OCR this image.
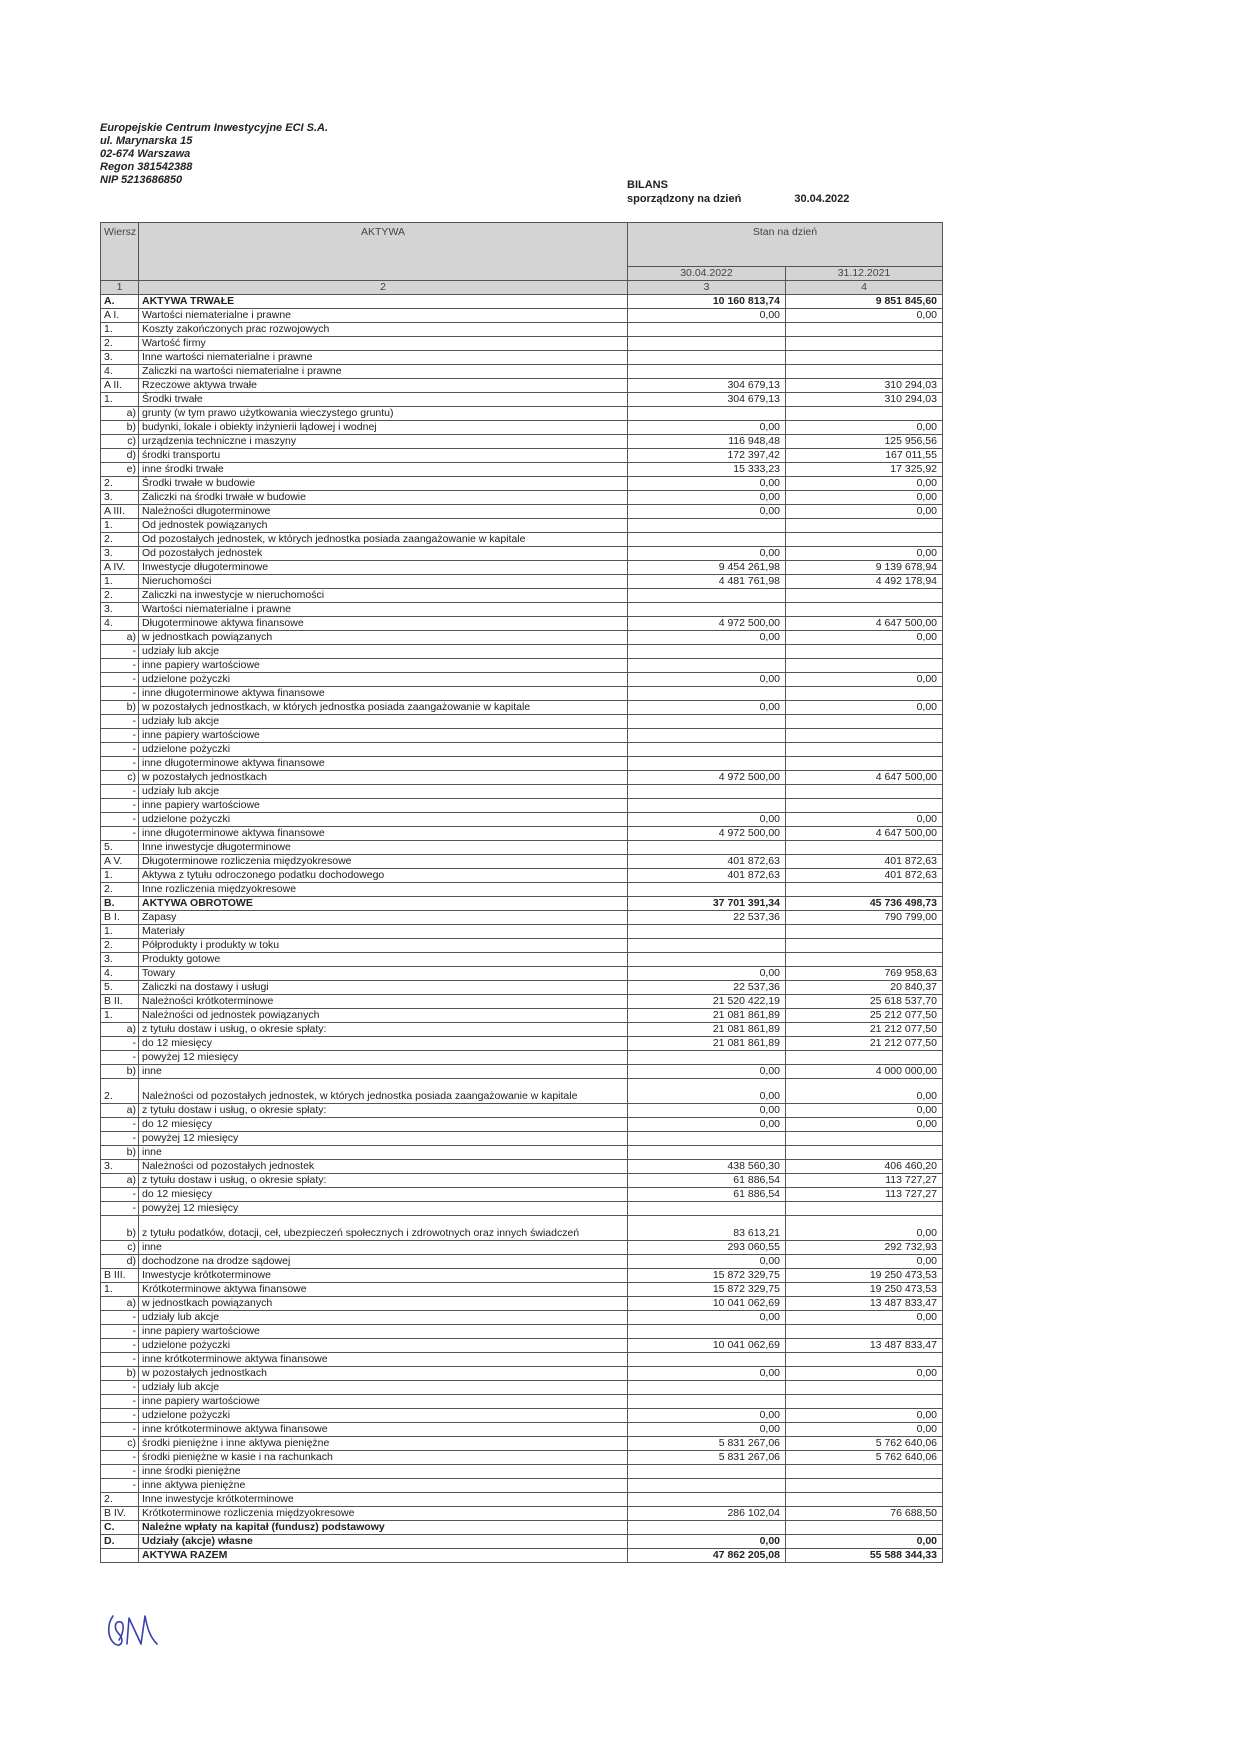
Europejskie Centrum Inwestycyjne ECI S.A.
ul. Marynarska 15
02-674 Warszawa
Regon 381542388
NIP 5213686850	BILANS
sporządzony na dzień	30.04.2022
Wiersz	AKTYWA	Stan na dzień	
		30.04.2022	31.12.2021
1	2	3	4
A.	AKTYWA TRWAŁE	10 160 813,74	9 851 845,60
A I.	Wartości niematerialne i prawne	0,00	0,00
1.	Koszty zakończonych prac rozwojowych		
2.	Wartość firmy		
3.	Inne wartości niematerialne i prawne		
4.	Zaliczki na wartości niematerialne i prawne		
A II.	Rzeczowe aktywa trwałe	304 679,13	310 294,03
1.	Środki trwałe	304 679,13	310 294,03
a)	grunty (w tym prawo użytkowania wieczystego gruntu)		
b)	budynki, lokale i obiekty inżynierii lądowej i wodnej	0,00	0,00
c)	urządzenia techniczne i maszyny	116 948,48	125 956,56
d)	środki transportu	172 397,42	167 011,55
e)	inne środki trwałe	15 333,23	17 325,92
2.	Środki trwałe w budowie	0,00	0,00
3.	Zaliczki na środki trwałe w budowie	0,00	0,00
A III.	Należności długoterminowe	0,00	0,00
1.	Od jednostek powiązanych		
2.	Od pozostałych jednostek, w których jednostka posiada zaangażowanie w kapitale		
3.	Od pozostałych jednostek	0,00	0,00
A IV.	Inwestycje długoterminowe	9 454 261,98	9 139 678,94
1.	Nieruchomości	4 481 761,98	4 492 178,94
2.	Zaliczki na inwestycje w nieruchomości		
3.	Wartości niematerialne i prawne		
4.	Długoterminowe aktywa finansowe	4 972 500,00	4 647 500,00
a)	w jednostkach powiązanych	0,00	0,00
-	udziały lub akcje		
-	inne papiery wartościowe		
-	udzielone pożyczki	0,00	0,00
-	inne długoterminowe aktywa finansowe		
b)	w pozostałych jednostkach, w których jednostka posiada zaangażowanie w kapitale	0,00	0,00
-	udziały lub akcje		
-	inne papiery wartościowe		
-	udzielone pożyczki		
-	inne długoterminowe aktywa finansowe		
c)	w pozostałych jednostkach	4 972 500,00	4 647 500,00
-	udziały lub akcje		
-	inne papiery wartościowe		
-	udzielone pożyczki	0,00	0,00
-	inne długoterminowe aktywa finansowe	4 972 500,00	4 647 500,00
5.	Inne inwestycje długoterminowe		
A V.	Długoterminowe rozliczenia międzyokresowe	401 872,63	401 872,63
1.	Aktywa z tytułu odroczonego podatku dochodowego	401 872,63	401 872,63
2.	Inne rozliczenia międzyokresowe		
B.	AKTYWA OBROTOWE	37 701 391,34	45 736 498,73
B I.	Zapasy	22 537,36	790 799,00
1.	Materiały		
2.	Półprodukty i produkty w toku		
3.	Produkty gotowe		
4.	Towary	0,00	769 958,63
5.	Zaliczki na dostawy i usługi	22 537,36	20 840,37
B II.	Należności krótkoterminowe	21 520 422,19	25 618 537,70
1.	Należności od jednostek powiązanych	21 081 861,89	25 212 077,50
a)	z tytułu dostaw i usług, o okresie spłaty:	21 081 861,89	21 212 077,50
-	do 12 miesięcy	21 081 861,89	21 212 077,50
-	powyżej 12 miesięcy		
b)	inne	0,00	4 000 000,00
2.	Należności od pozostałych jednostek, w których jednostka posiada zaangażowanie w kapitale	0,00	0,00
a)	z tytułu dostaw i usług, o okresie spłaty:	0,00	0,00
-	do 12 miesięcy	0,00	0,00
-	powyżej 12 miesięcy		
b)	inne		
3.	Należności od pozostałych jednostek	438 560,30	406 460,20
a)	z tytułu dostaw i usług, o okresie spłaty:	61 886,54	113 727,27
-	do 12 miesięcy	61 886,54	113 727,27
-	powyżej 12 miesięcy		
b)	z tytułu podatków, dotacji, ceł, ubezpieczeń społecznych i zdrowotnych oraz innych świadczeń	83 613,21	0,00
c)	inne	293 060,55	292 732,93
d)	dochodzone na drodze sądowej	0,00	0,00
B III.	Inwestycje krótkoterminowe	15 872 329,75	19 250 473,53
1.	Krótkoterminowe aktywa finansowe	15 872 329,75	19 250 473,53
a)	w jednostkach powiązanych	10 041 062,69	13 487 833,47
-	udziały lub akcje	0,00	0,00
-	inne papiery wartościowe		
-	udzielone pożyczki	10 041 062,69	13 487 833,47
-	inne krótkoterminowe aktywa finansowe		
b)	w pozostałych jednostkach	0,00	0,00
-	udziały lub akcje		
-	inne papiery wartościowe		
-	udzielone pożyczki	0,00	0,00
-	inne krótkoterminowe aktywa finansowe	0,00	0,00
c)	środki pieniężne i inne aktywa pieniężne	5 831 267,06	5 762 640,06
-	środki pieniężne w kasie i na rachunkach	5 831 267,06	5 762 640,06
-	inne środki pieniężne		
-	inne aktywa pieniężne		
2.	Inne inwestycje krótkoterminowe		
B IV.	Krótkoterminowe rozliczenia międzyokresowe	286 102,04	76 688,50
C.	Należne wpłaty na kapitał (fundusz) podstawowy		
D.	Udziały (akcje) własne	0,00	0,00
	AKTYWA RAZEM	47 862 205,08	55 588 344,33
